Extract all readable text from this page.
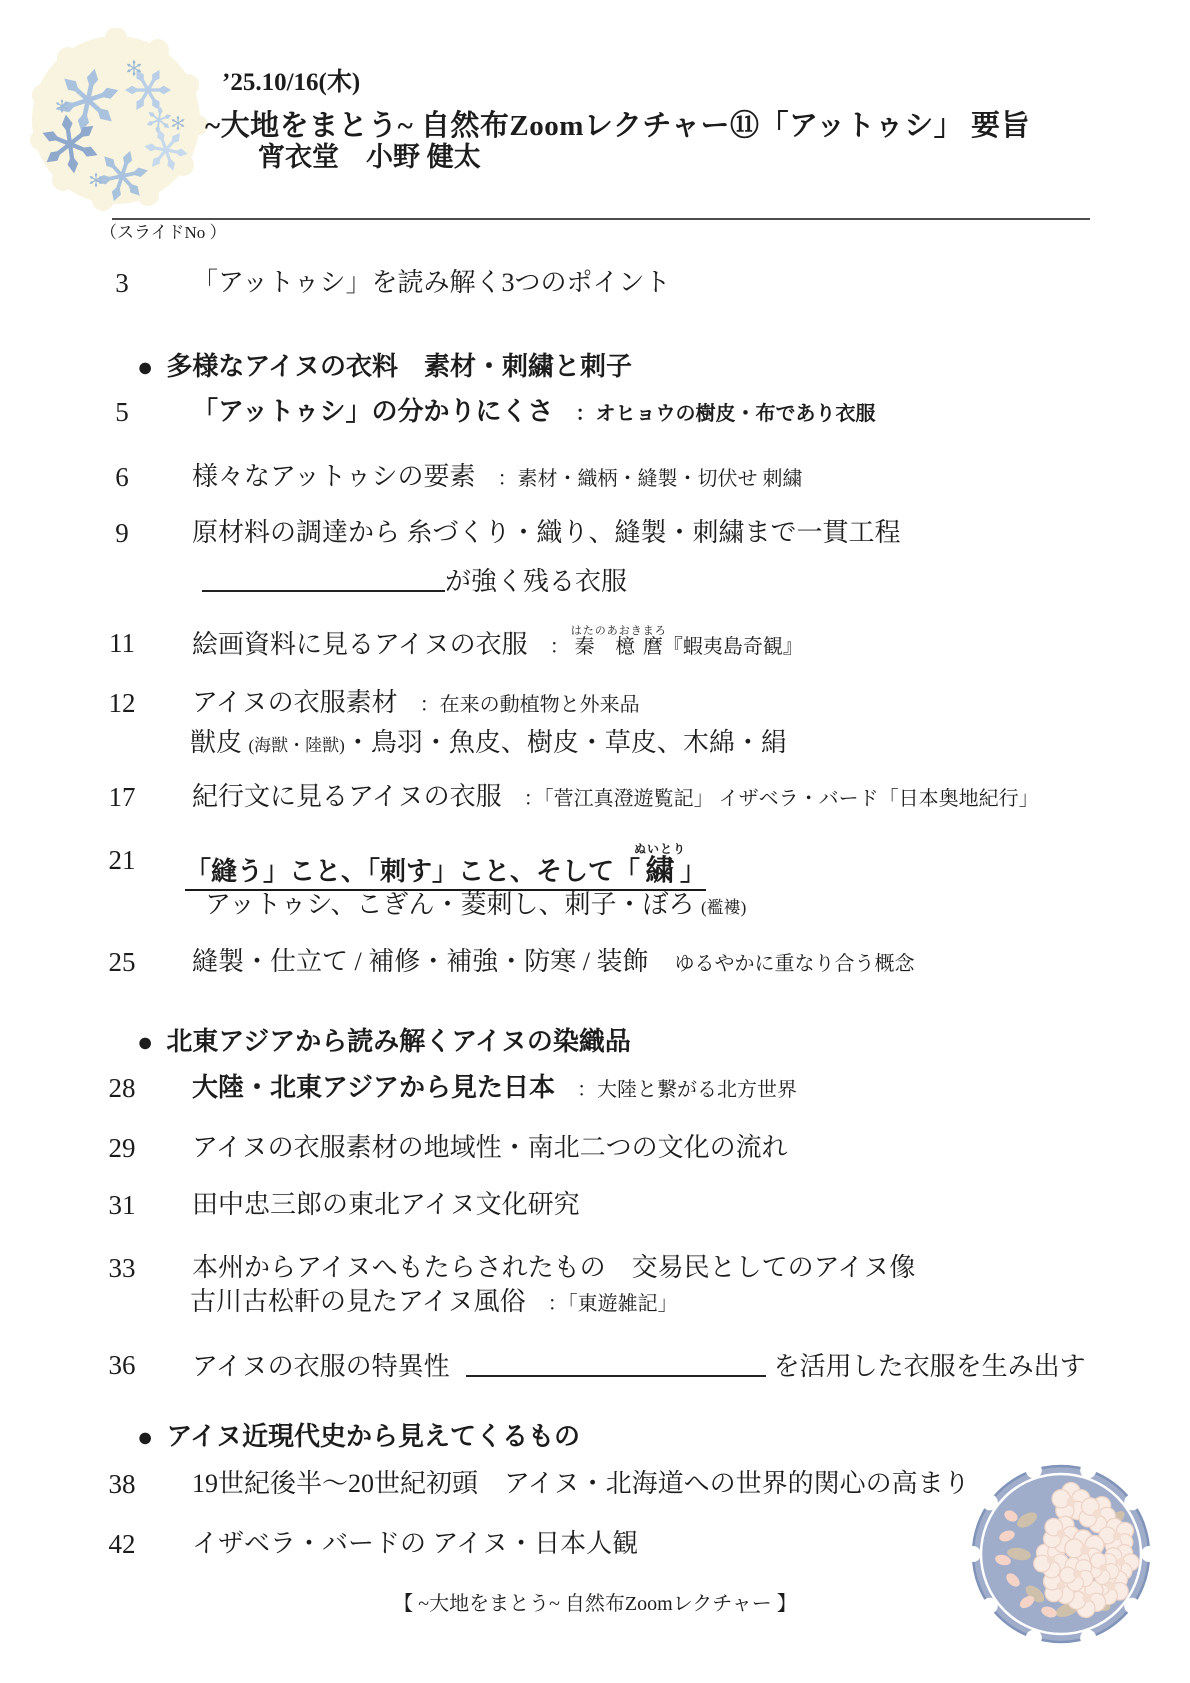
’25.10/16(木)
~大地をまとう~ 自然布Zoomレクチャー⑪「アットゥシ」 要旨
宵衣堂　小野 健太
（スライドNo ）
3	「アットゥシ」を読み解く3つのポイント
● 多様なアイヌの衣料　素材・刺繍と刺子
5	「アットゥシ」の分かりにくさ ：オヒョウの樹皮・布であり衣服
6	様々なアットゥシの要素 ：素材・織柄・縫製・切伏せ 刺繍
9	原材料の調達から 糸づくり・織り、縫製・刺繍まで一貫工程
が強く残る衣服
11	絵画資料に見るアイヌの衣服 ： 秦 檍麿はたのあおきまろ『蝦夷島奇観』
12	アイヌの衣服素材 ：在来の動植物と外来品
獣皮 (海獣・陸獣)・鳥羽・魚皮、樹皮・草皮、木綿・絹
17	紀行文に見るアイヌの衣服 ：「菅江真澄遊覧記」 イザベラ・バード「日本奥地紀行」
21	「縫う」こと、「刺す」こと、そして「繍ぬいとり」
アットゥシ、こぎん・菱刺し、刺子・ぼろ (襤褸)
25	縫製・仕立て / 補修・補強・防寒 / 装飾 ゆるやかに重なり合う概念
● 北東アジアから読み解くアイヌの染織品
28	大陸・北東アジアから見た日本 ：大陸と繋がる北方世界
29	アイヌの衣服素材の地域性・南北二つの文化の流れ
31	田中忠三郎の東北アイヌ文化研究
33	本州からアイヌへもたらされたもの　交易民としてのアイヌ像
古川古松軒の見たアイヌ風俗 ：「東遊雑記」
36	アイヌの衣服の特異性	を活用した衣服を生み出す
● アイヌ近現代史から見えてくるもの
38	19世紀後半～20世紀初頭　アイヌ・北海道への世界的関心の高まり
42	イザベラ・バードの アイヌ・日本人観
【 ~大地をまとう~ 自然布Zoomレクチャー 】
